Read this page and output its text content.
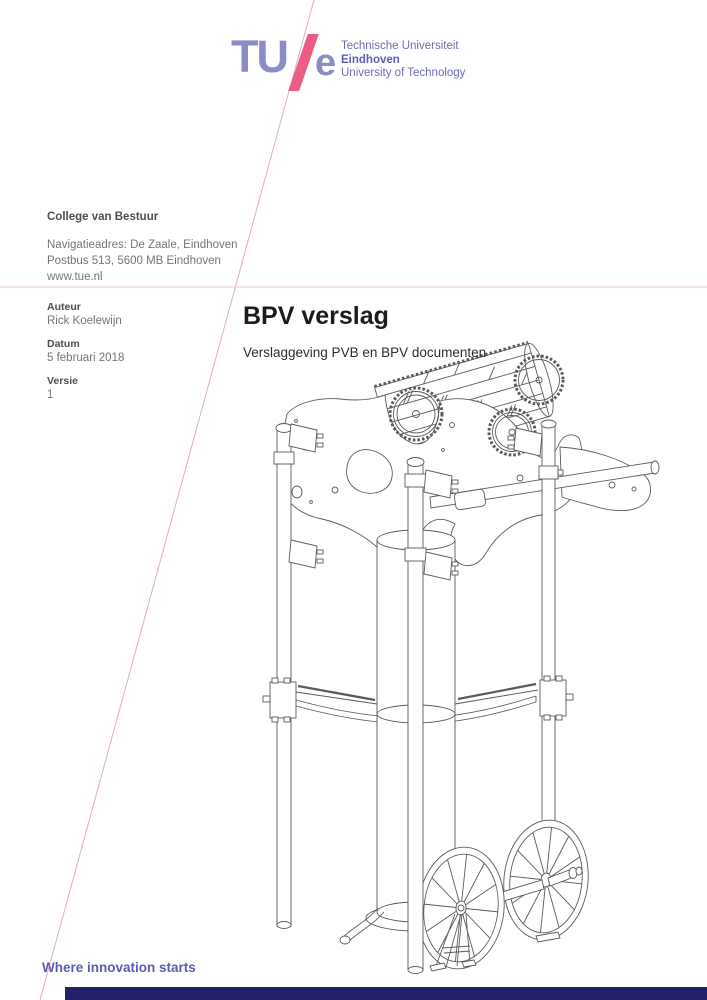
TU e Technische Universiteit
Eindhoven
University of Technology
College van Bestuur
Navigatieadres: De Zaale, Eindhoven
Postbus 513, 5600 MB Eindhoven
www.tue.nl
Auteur
Rick Koelewijn
Datum
5 februari 2018
Versie
1
BPV verslag
Verslaggeving PVB en BPV documenten
Where innovation starts
